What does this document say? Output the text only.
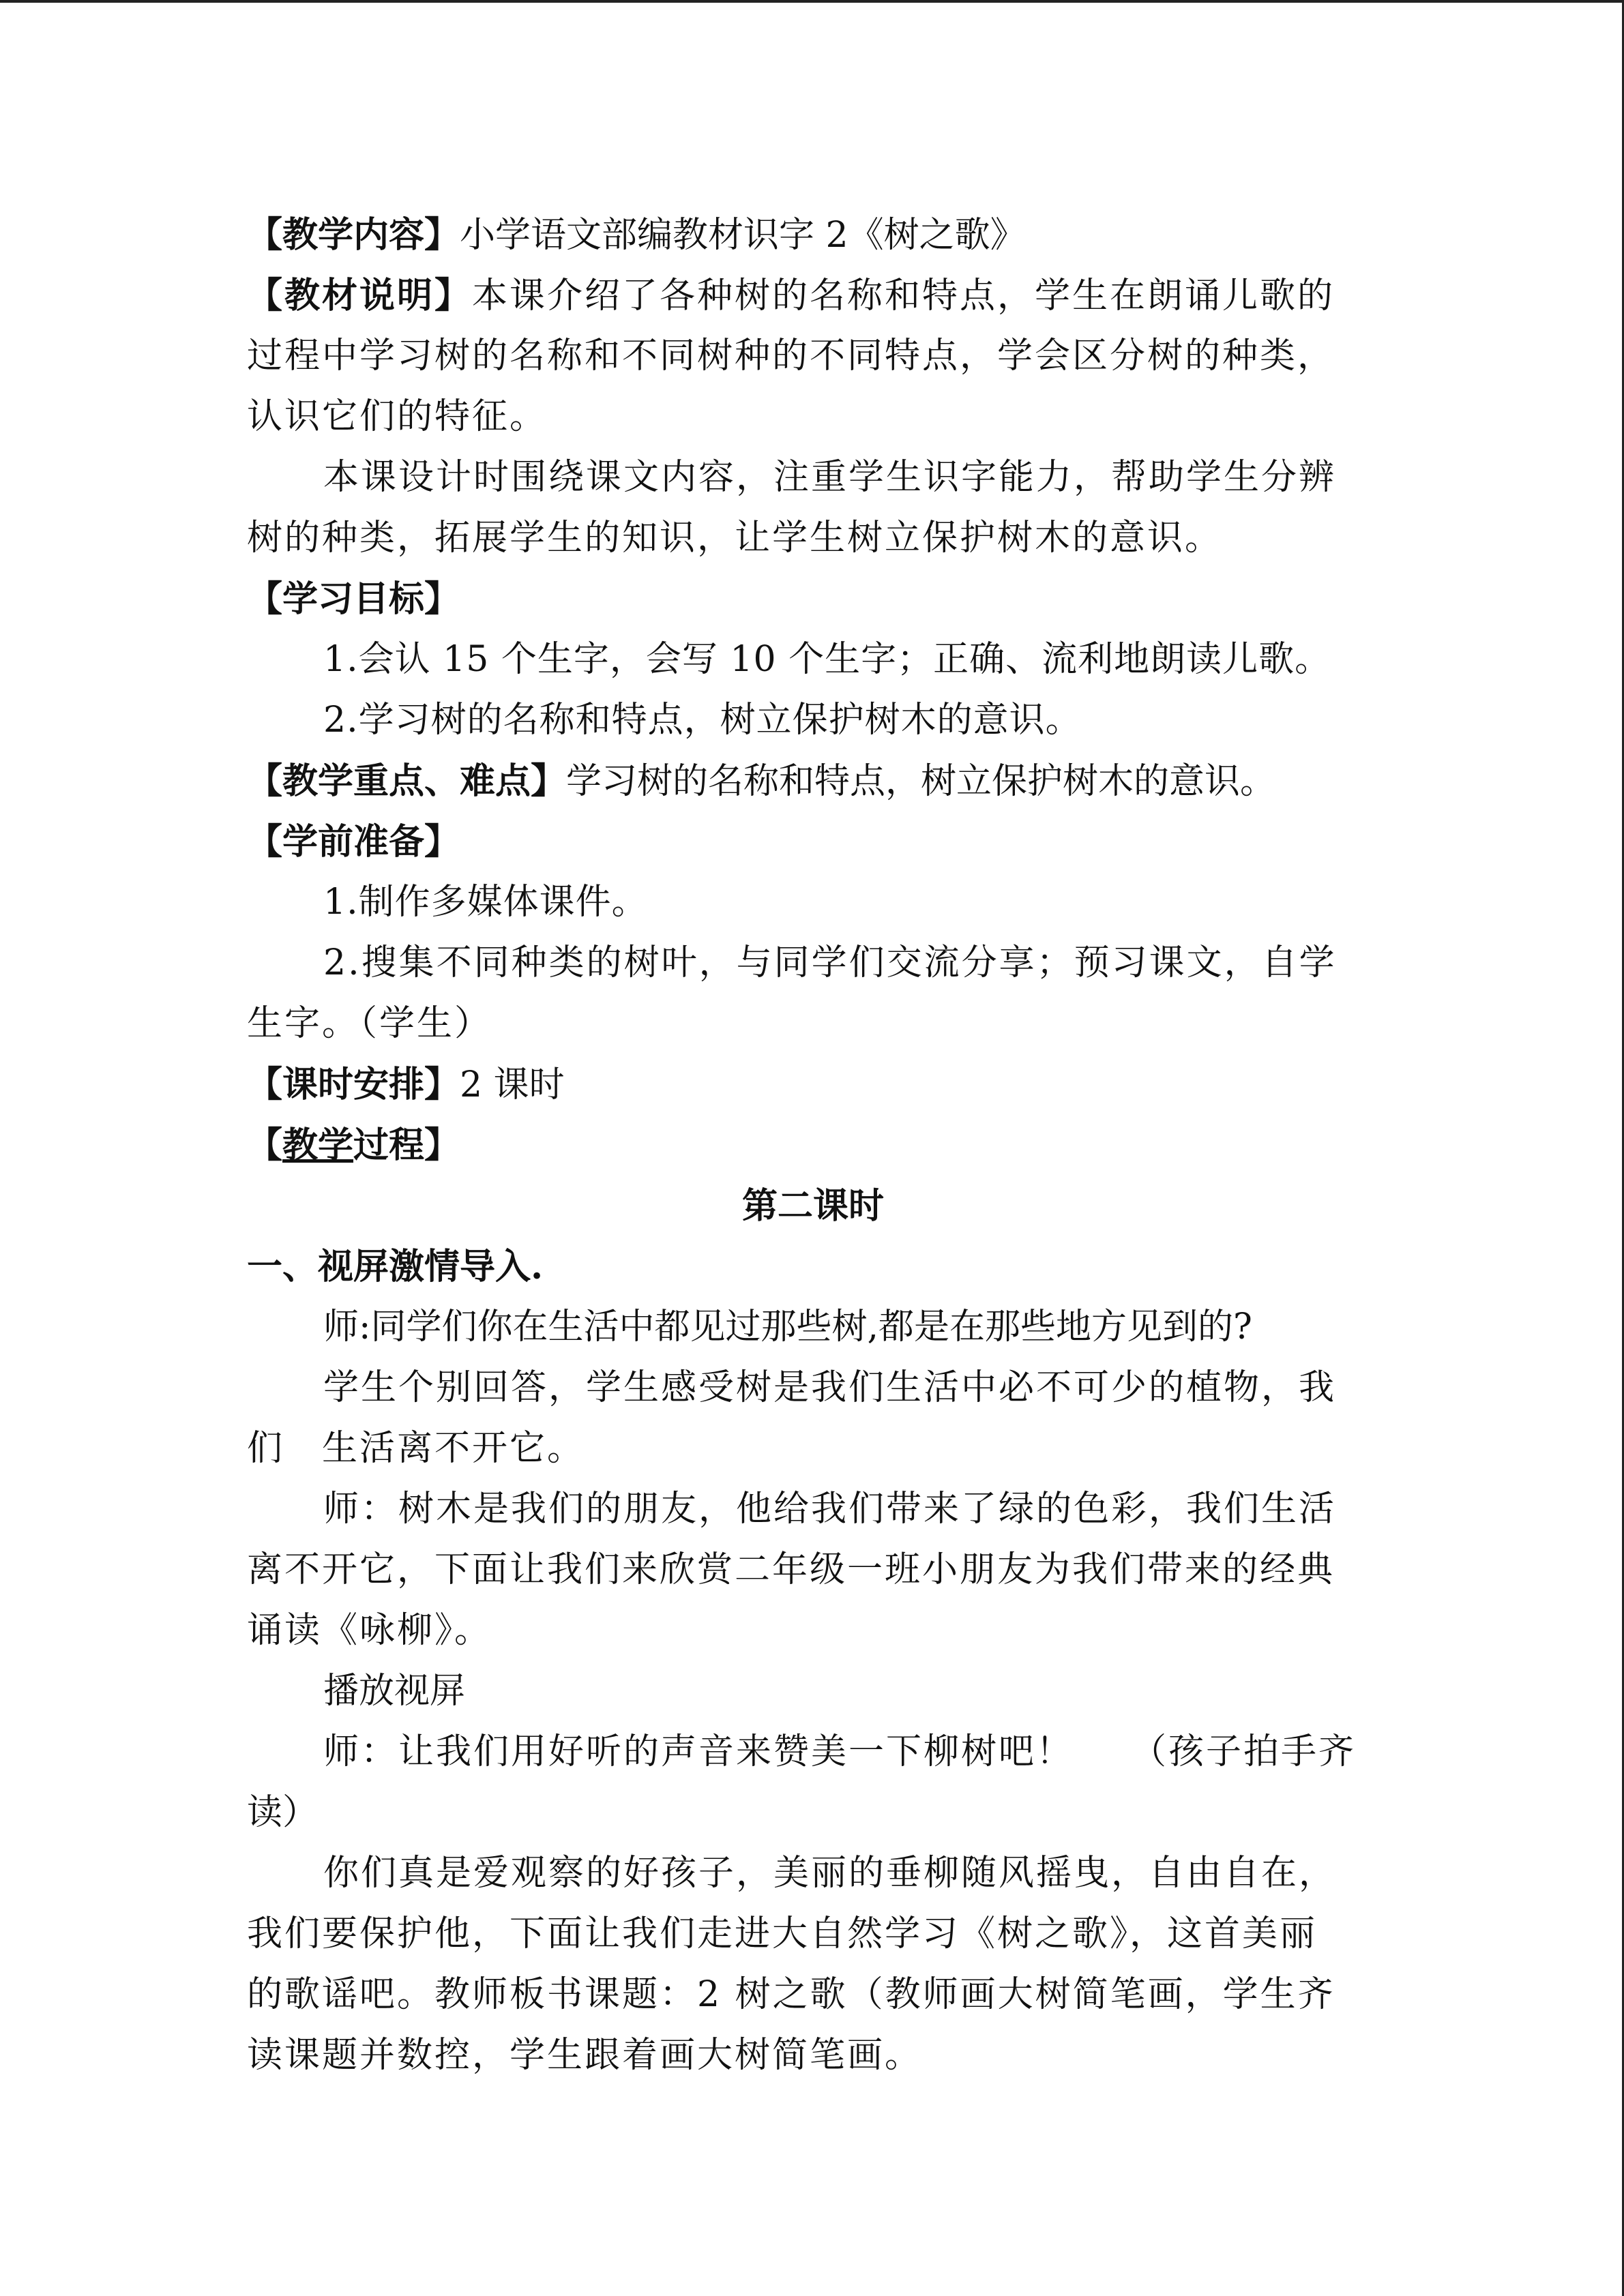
【教学内容】小学语文部编教材识字 2《树之歌》
【教材说明】本课介绍了各种树的名称和特点，学生在朗诵儿歌的
过程中学习树的名称和不同树种的不同特点，学会区分树的种类，
认识它们的特征。
本课设计时围绕课文内容，注重学生识字能力，帮助学生分辨
树的种类，拓展学生的知识，让学生树立保护树木的意识。
【学习目标】
1.会认 15 个生字，会写 10 个生字；正确、流利地朗读儿歌。
2.学习树的名称和特点，树立保护树木的意识。
【教学重点、难点】学习树的名称和特点，树立保护树木的意识。
【学前准备】
1.制作多媒体课件。
2.搜集不同种类的树叶，与同学们交流分享；预习课文，自学
生字。（学生）
【课时安排】2 课时
【教学过程】
第二课时
一、视屏激情导入.
师:同学们你在生活中都见过那些树,都是在那些地方见到的?
学生个别回答，学生感受树是我们生活中必不可少的植物，我
们　生活离不开它。
师：树木是我们的朋友，他给我们带来了绿的色彩，我们生活
离不开它，下面让我们来欣赏二年级一班小朋友为我们带来的经典
诵读《咏柳》。
播放视屏
师：让我们用好听的声音来赞美一下柳树吧！　　（孩子拍手齐
读）
你们真是爱观察的好孩子，美丽的垂柳随风摇曳，自由自在，
我们要保护他，下面让我们走进大自然学习《树之歌》，这首美丽
的歌谣吧。教师板书课题：2 树之歌（教师画大树简笔画，学生齐
读课题并数控，学生跟着画大树简笔画。
